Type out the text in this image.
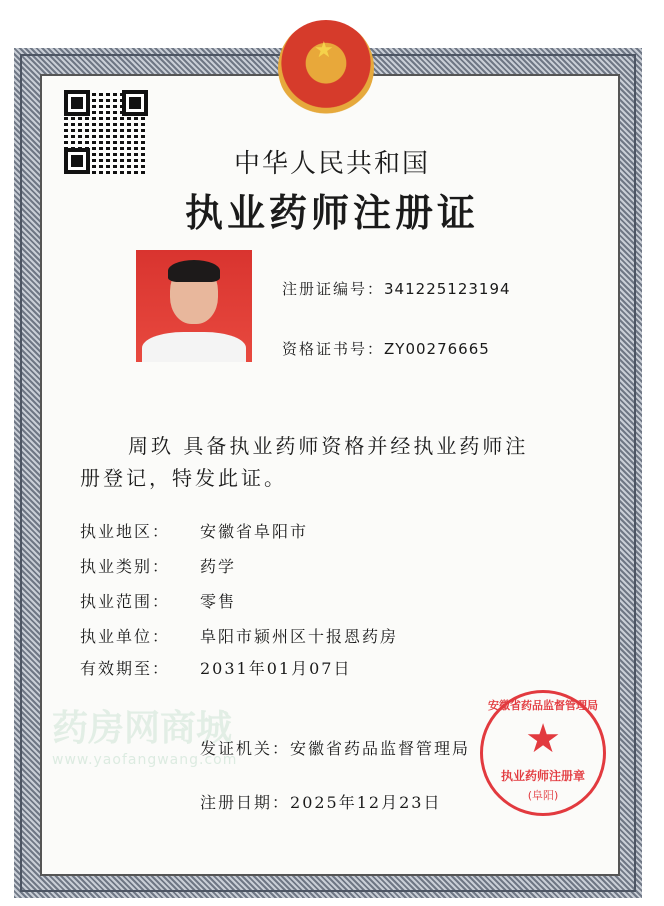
★
中华人民共和国
执业药师注册证
注册证编号：341225123194
资格证书号：ZY00276665
药房网商城
www.yaofangwang.com
周玖 具备执业药师资格并经执业药师注
册登记，特发此证。
执业地区： 安徽省阜阳市
执业类别： 药学
执业范围： 零售
执业单位： 阜阳市颍州区十报恩药房
有效期至： 2031年01月07日
发证机关：安徽省药品监督管理局
注册日期：2025年12月23日
安徽省药品监督管理局
★
执业药师注册章
(阜阳)
